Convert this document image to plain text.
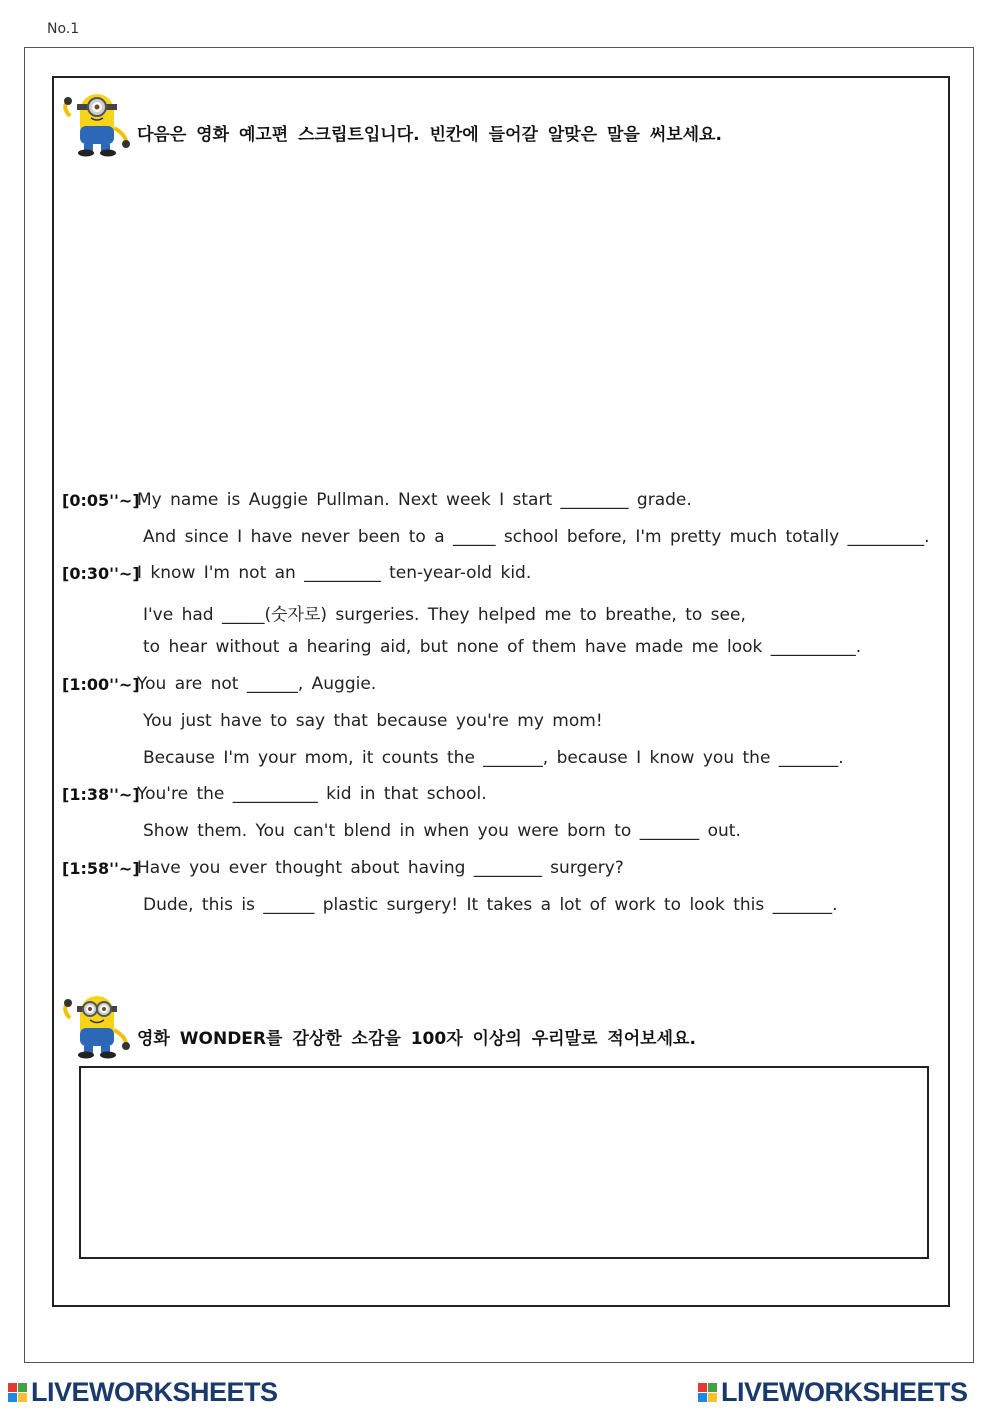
No.1
다음은 영화 예고편 스크립트입니다. 빈칸에 들어갈 알맞은 말을 써보세요.
[0:05''~]
My name is Auggie Pullman. Next week I start ________ grade.
And since I have never been to a _____ school before, I'm pretty much totally _________.
[0:30''~]
I know I'm not an _________ ten-year-old kid.
I've had _____(숫자로) surgeries. They helped me to breathe, to see,
to hear without a hearing aid, but none of them have made me look __________.
[1:00''~]
You are not ______, Auggie.
You just have to say that because you're my mom!
Because I'm your mom, it counts the _______, because I know you the _______.
[1:38''~]
You're the __________ kid in that school.
Show them. You can't blend in when you were born to _______ out.
[1:58''~]
Have you ever thought about having ________ surgery?
Dude, this is ______ plastic surgery! It takes a lot of work to look this _______.
영화 WONDER를 감상한 소감을 100자 이상의 우리말로 적어보세요.
LIVEWORKSHEETS	LIVEWORKSHEETS
